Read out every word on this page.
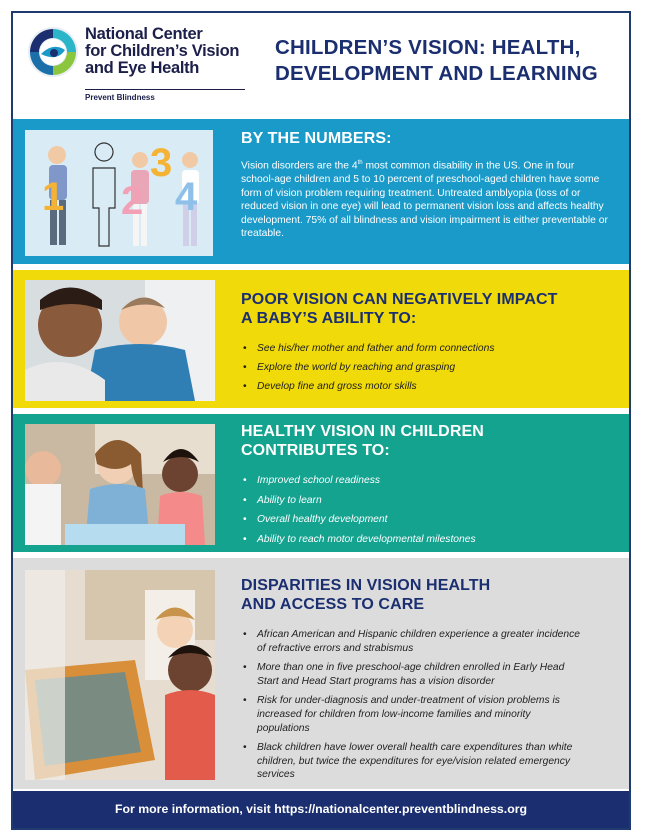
National Center
for Children’s Vision
and Eye Health
Prevent Blindness
CHILDREN’S VISION: HEALTH,
DEVELOPMENT AND LEARNING
1 2
3
4
BY THE NUMBERS:
Vision disorders are the 4th most common disability in the US. One in four school-age children and 5 to 10 percent of preschool-aged children have some form of vision problem requiring treatment. Untreated amblyopia (loss of or reduced vision in one eye) will lead to permanent vision loss and affects healthy development. 75% of all blindness and vision impairment is either preventable or treatable.
POOR VISION CAN NEGATIVELY IMPACT
A BABY’S ABILITY TO:
• See his/her mother and father and form connections
• Explore the world by reaching and grasping
• Develop fine and gross motor skills
HEALTHY VISION IN CHILDREN
CONTRIBUTES TO:
• Improved school readiness
• Ability to learn
• Overall healthy development
• Ability to reach motor developmental milestones
DISPARITIES IN VISION HEALTH
AND ACCESS TO CARE
• African American and Hispanic children experience a greater incidence of refractive errors and strabismus
• More than one in five preschool-age children enrolled in Early Head Start and Head Start programs has a vision disorder
• Risk for under-diagnosis and under-treatment of vision problems is increased for children from low-income families and minority populations
• Black children have lower overall health care expenditures than white children, but twice the expenditures for eye/vision related emergency services
For more information, visit https://nationalcenter.preventblindness.org
